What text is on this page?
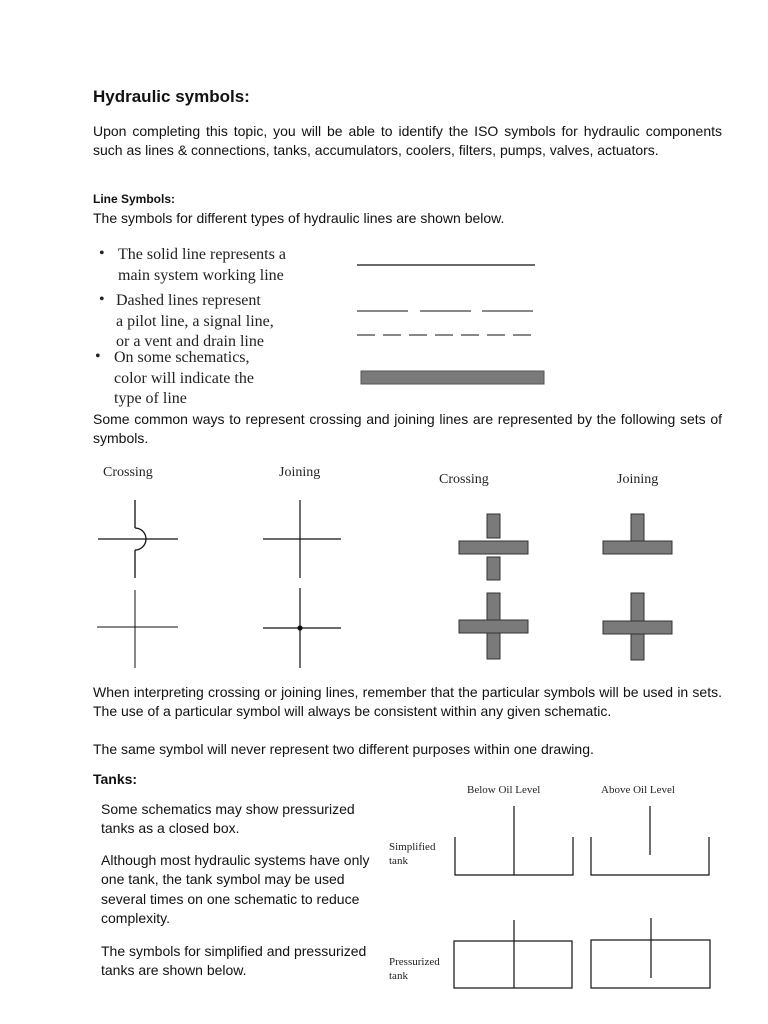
Hydraulic symbols:
Upon completing this topic, you will be able to identify the ISO symbols for hydraulic components such as lines & connections, tanks, accumulators, coolers, filters, pumps, valves, actuators.
Line Symbols:
The symbols for different types of hydraulic lines are shown below.
• The solid line represents a
main system working line
• Dashed lines represent
a pilot line, a signal line,
or a vent and drain line
• On some schematics,
color will indicate the
type of line
Some common ways to represent crossing and joining lines are represented by the following sets of symbols.
Crossing	Joining	Crossing	Joining
When interpreting crossing or joining lines, remember that the particular symbols will be used in sets. The use of a particular symbol will always be consistent within any given schematic.
The same symbol will never represent two different purposes within one drawing.
Tanks:
Some schematics may show pressurized tanks as a closed box.
Although most hydraulic systems have only one tank, the tank symbol may be used several times on one schematic to reduce complexity.
The symbols for simplified and pressurized tanks are shown below.
Below Oil Level	Above Oil Level
Simplified
tank
Pressurized
tank
